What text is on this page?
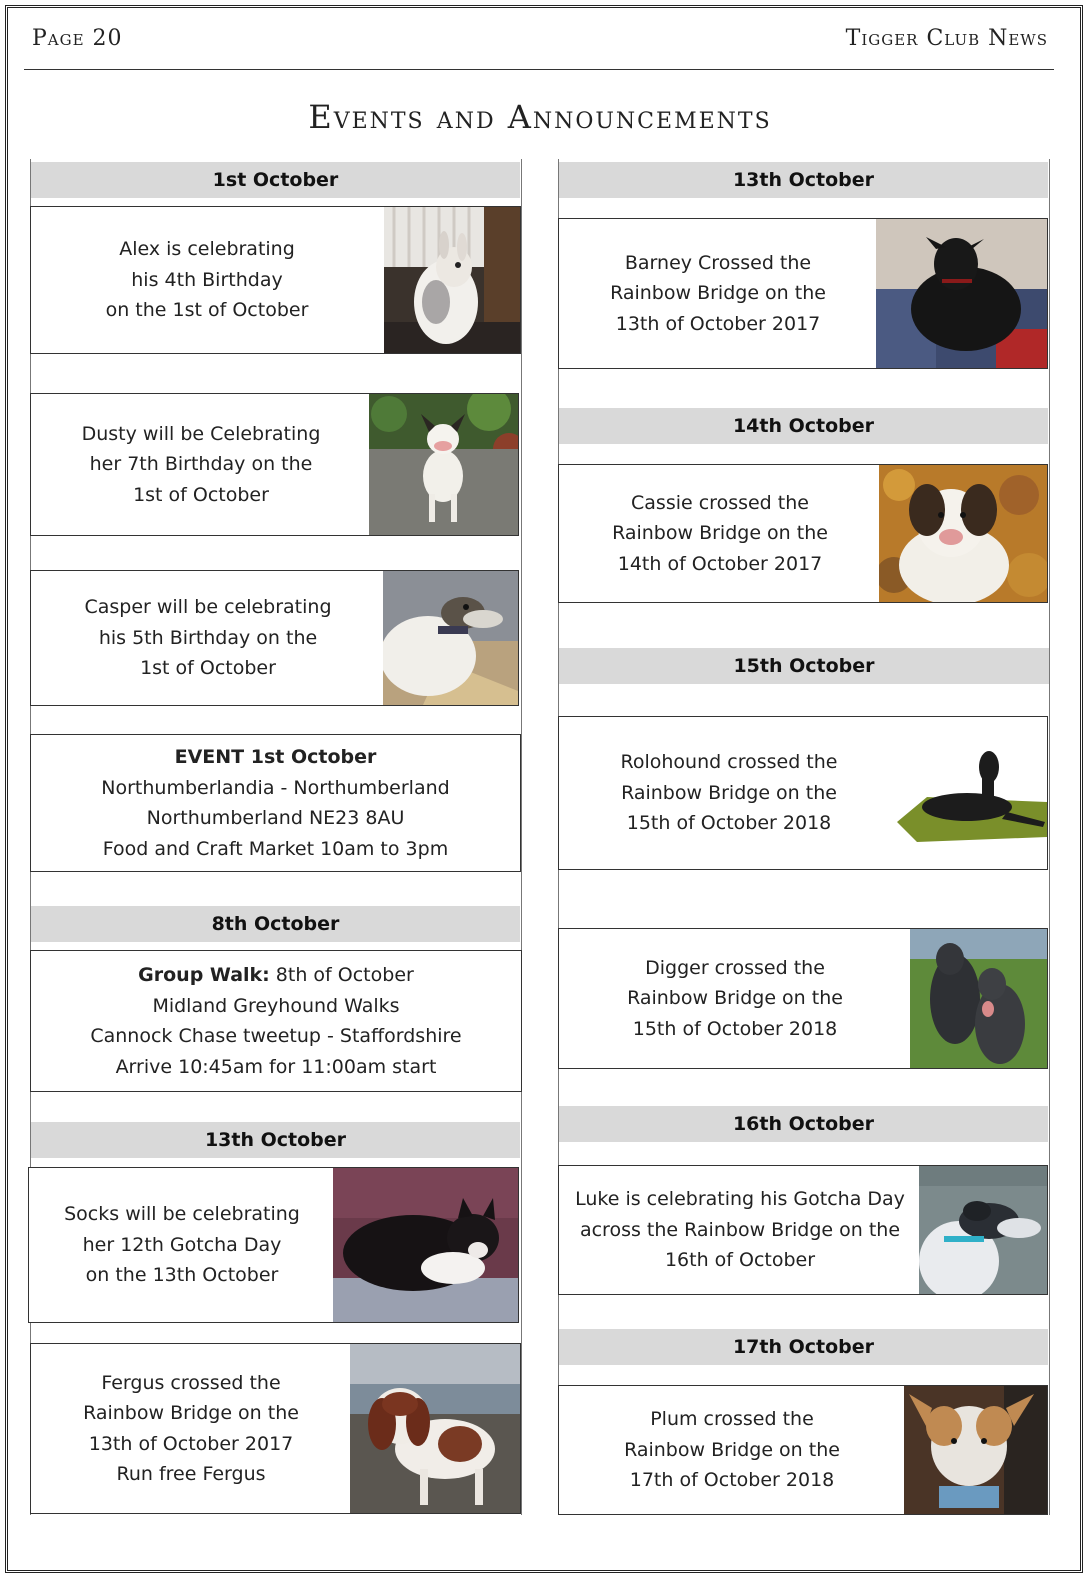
Page 20	Tigger Club News
Events and Announcements
1st October
Alex is celebrating
his 4th Birthday
on the 1st of October
Dusty will be Celebrating
her 7th Birthday on the
1st of October
Casper will be celebrating
his 5th Birthday on the
1st of October
EVENT 1st October
Northumberlandia - Northumberland
Northumberland NE23 8AU
Food and Craft Market 10am to 3pm
8th October
Group Walk: 8th of October
Midland Greyhound Walks
Cannock Chase tweetup - Staffordshire
Arrive 10:45am for 11:00am start
13th October
Socks will be celebrating
her 12th Gotcha Day
on the 13th October
Fergus crossed the
Rainbow Bridge on the
13th of October 2017
Run free Fergus
13th October
Barney Crossed the
Rainbow Bridge on the
13th of October 2017
14th October
Cassie crossed the
Rainbow Bridge on the
14th of October 2017
15th October
Rolohound crossed the
Rainbow Bridge on the
15th of October 2018
Digger crossed the
Rainbow Bridge on the
15th of October 2018
16th October
Luke is celebrating his Gotcha Day
across the Rainbow Bridge on the
16th of October
17th October
Plum crossed the
Rainbow Bridge on the
17th of October 2018
